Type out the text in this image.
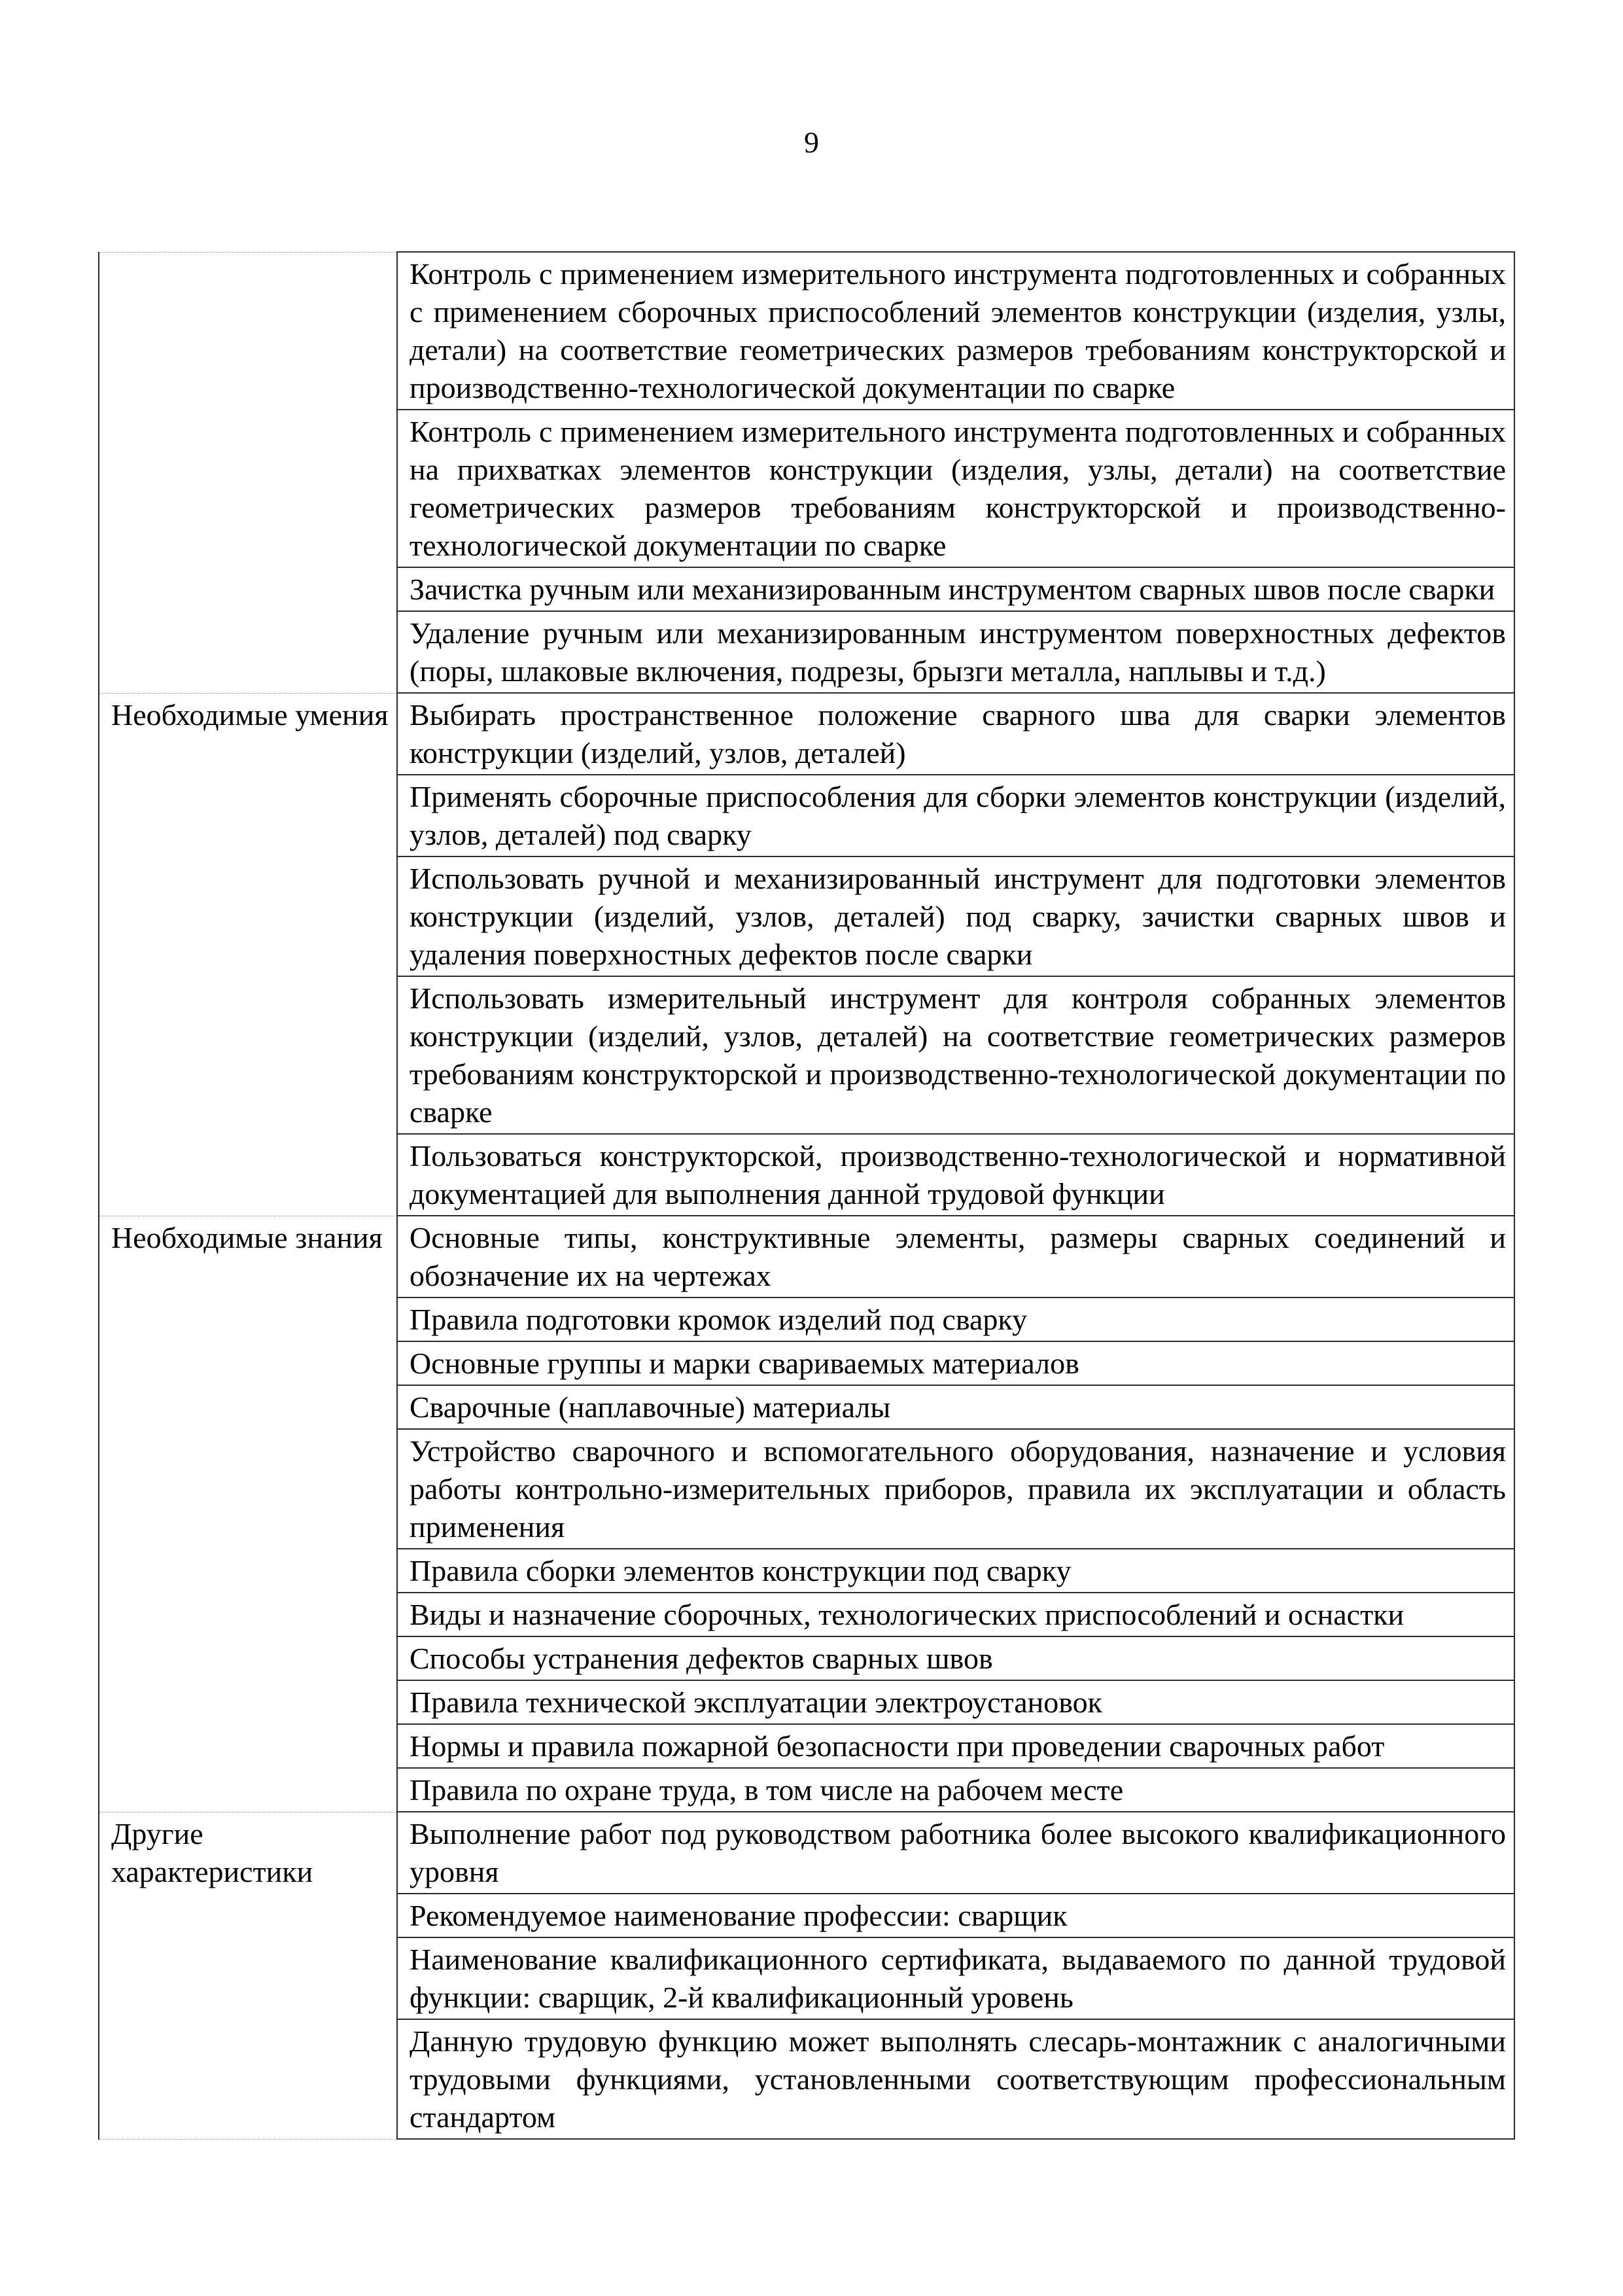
9
	Контроль с применением измерительного инструмента подготовленных и собранных с применением сборочных приспособлений элементов конструкции (изделия, узлы, детали) на соответствие геометрических размеров требованиям конструкторской и производственно-технологической документации по сварке
	Контроль с применением измерительного инструмента подготовленных и собранных на прихватках элементов конструкции (изделия, узлы, детали) на соответствие геометрических размеров требованиям конструкторской и производственно-технологической документации по сварке
	Зачистка ручным или механизированным инструментом сварных швов после сварки
	Удаление ручным или механизированным инструментом поверхностных дефектов (поры, шлаковые включения, подрезы, брызги металла, наплывы и т.д.)
Необходимые умения	Выбирать пространственное положение сварного шва для сварки элементов конструкции (изделий, узлов, деталей)
	Применять сборочные приспособления для сборки элементов конструкции (изделий, узлов, деталей) под сварку
	Использовать ручной и механизированный инструмент для подготовки элементов конструкции (изделий, узлов, деталей) под сварку, зачистки сварных швов и удаления поверхностных дефектов после сварки
	Использовать измерительный инструмент для контроля собранных элементов конструкции (изделий, узлов, деталей) на соответствие геометрических размеров требованиям конструкторской и производственно-технологической документации по сварке
	Пользоваться конструкторской, производственно-технологической и нормативной документацией для выполнения данной трудовой функции
Необходимые знания	Основные типы, конструктивные элементы, размеры сварных соединений и обозначение их на чертежах
	Правила подготовки кромок изделий под сварку
	Основные группы и марки свариваемых материалов
	Сварочные (наплавочные) материалы
	Устройство сварочного и вспомогательного оборудования, назначение и условия работы контрольно-измерительных приборов, правила их эксплуатации и область применения
	Правила сборки элементов конструкции под сварку
	Виды и назначение сборочных, технологических приспособлений и оснастки
	Способы устранения дефектов сварных швов
	Правила технической эксплуатации электроустановок
	Нормы и правила пожарной безопасности при проведении сварочных работ
	Правила по охране труда, в том числе на рабочем месте
Другие характеристики	Выполнение работ под руководством работника более высокого квалификационного уровня
	Рекомендуемое наименование профессии: сварщик
	Наименование квалификационного сертификата, выдаваемого по данной трудовой функции: сварщик, 2-й квалификационный уровень
	Данную трудовую функцию может выполнять слесарь-монтажник с аналогичными трудовыми функциями, установленными соответствующим профессиональным стандартом
